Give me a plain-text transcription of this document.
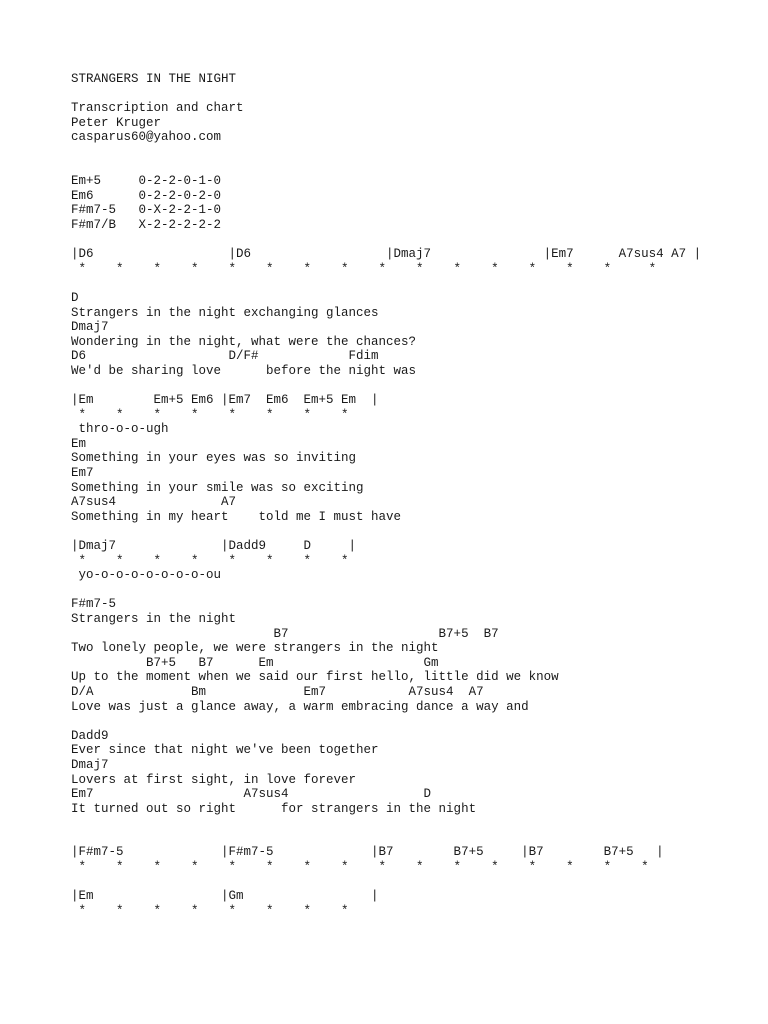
STRANGERS IN THE NIGHT
Transcription and chart
Peter Kruger
casparus60@yahoo.com
Em+5     0-2-2-0-1-0
Em6      0-2-2-0-2-0
F#m7-5   0-X-2-2-1-0
F#m7/B   X-2-2-2-2-2
|D6                  |D6                  |Dmaj7               |Em7      A7sus4 A7 |
*    *    *    *    *    *    *    *    *    *    *    *    *    *    *     *
D
Strangers in the night exchanging glances
Dmaj7
Wondering in the night, what were the chances?
D6                   D/F#            Fdim
We'd be sharing love      before the night was
|Em        Em+5 Em6 |Em7  Em6  Em+5 Em  |
*    *    *    *    *    *    *    *
thro-o-o-ugh
Em
Something in your eyes was so inviting
Em7
Something in your smile was so exciting
A7sus4              A7
Something in my heart    told me I must have
|Dmaj7              |Dadd9     D     |
*    *    *    *    *    *    *    *
yo-o-o-o-o-o-o-o-ou
F#m7-5
Strangers in the night
B7                    B7+5  B7
Two lonely people, we were strangers in the night
B7+5   B7      Em                    Gm
Up to the moment when we said our first hello, little did we know
D/A             Bm             Em7           A7sus4  A7
Love was just a glance away, a warm embracing dance a way and
Dadd9
Ever since that night we've been together
Dmaj7
Lovers at first sight, in love forever
Em7                    A7sus4                  D
It turned out so right      for strangers in the night
|F#m7-5             |F#m7-5             |B7        B7+5     |B7        B7+5   |
*    *    *    *    *    *    *    *    *    *    *    *    *    *    *    *
|Em                 |Gm                 |
*    *    *    *    *    *    *    *
